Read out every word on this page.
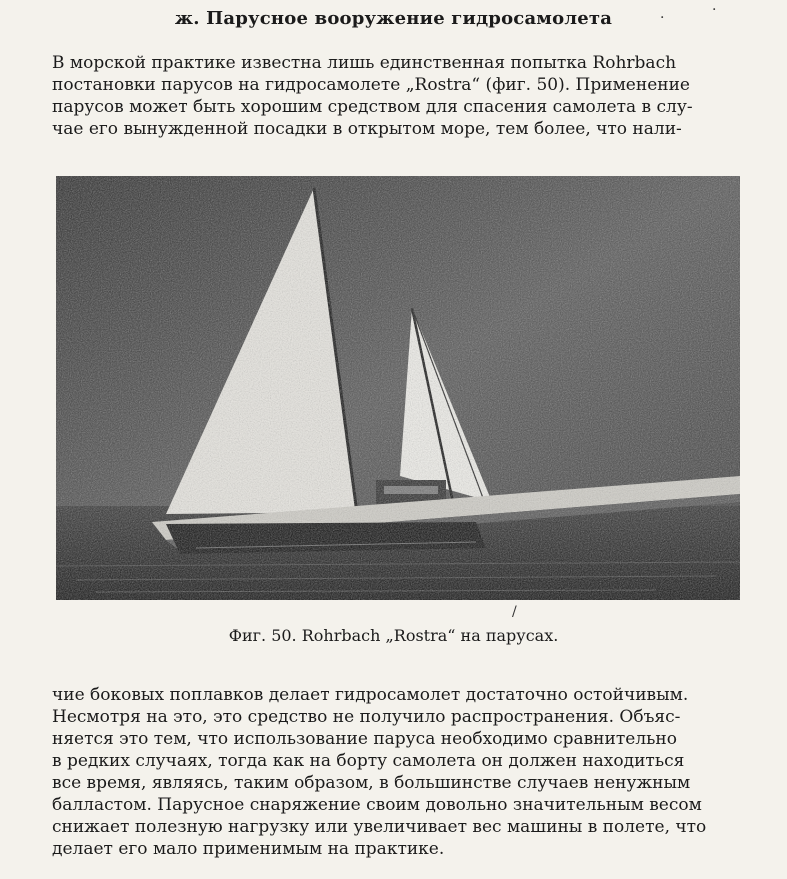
ж. Парусное вооружение гидросамолета

В морской практике известна лишь единственная попытка Rohrbach
постановки парусов на гидросамолете „Rostra“ (фиг. 50). Применение
парусов может быть хорошим средством для спасения самолета в слу-
чае его вынужденной посадки в открытом море, тем более, что нали-

Фиг. 50. Rohrbach „Rostra“ на парусах.

чие боковых поплавков делает гидросамолет достаточно остойчивым.
Несмотря на это, это средство не получило распространения. Объяс-
няется это тем, что использование паруса необходимо сравнительно
в редких случаях, тогда как на борту самолета он должен находиться
все время, являясь, таким образом, в большинстве случаев ненужным
балластом. Парусное снаряжение своим довольно значительным весом
снижает полезную нагрузку или увеличивает вес машины в полете, что
делает его мало применимым на практике.

·	·
/
